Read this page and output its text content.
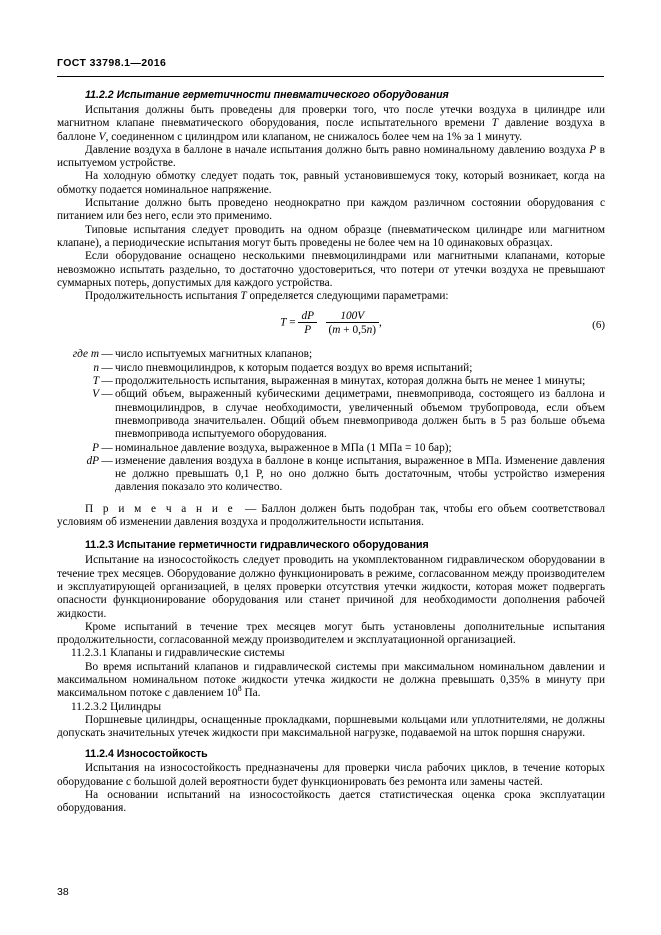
ГОСТ 33798.1—2016
11.2.2 Испытание герметичности пневматического оборудования

Испытания должны быть проведены для проверки того, что после утечки воздуха в цилиндре или магнитном клапане пневматического оборудования, после испытательного времени T давление воздуха в баллоне V, соединенном с цилиндром или клапаном, не снижалось более чем на 1% за 1 минуту.

Давление воздуха в баллоне в начале испытания должно быть равно номинальному давлению воздуха P в испытуемом устройстве.

На холодную обмотку следует подать ток, равный установившемуся току, который возникает, когда на обмотку подается номинальное напряжение.

Испытание должно быть проведено неоднократно при каждом различном состоянии оборудования с питанием или без него, если это применимо.

Типовые испытания следует проводить на одном образце (пневматическом цилиндре или магнитном клапане), а периодические испытания могут быть проведены не более чем на 10 одинаковых образцах.

Если оборудование оснащено несколькими пневмоцилиндрами или магнитными клапанами, которые невозможно испытать раздельно, то достаточно удостовериться, что потери от утечки воздуха не превышают суммарных потерь, допустимых для каждого устройства.

Продолжительность испытания T определяется следующими параметрами:

$T = \frac{dP}{P}$
$\frac{100V}{(m + 0,5n)}$ ,	(6)
где m — число испытуемых магнитных клапанов;
n — число пневмоцилиндров, к которым подается воздух во время испытаний;
T — продолжительность испытания, выраженная в минутах, которая должна быть не менее 1 минуты;
V — общий объем, выраженный кубическими дециметрами, пневмопривода, состоящего из баллона и пневмоцилиндров, в случае необходимости, увеличенный объемом трубопровода, если объем пневмопривода значительален. Общий объем пневмопривода должен быть в 5 раз больше объема пневмопривода испытуемого оборудования.
P — номинальное давление воздуха, выраженное в МПа (1 МПа = 10 бар);
dP — изменение давления воздуха в баллоне в конце испытания, выраженное в МПа. Изменение давления не должно превышать 0,1 P, но оно должно быть достаточным, чтобы устройство измерения давления показало это количество.

П р и м е ч а н и е  — Баллон должен быть подобран так, чтобы его объем соответствовал условиям об изменении давления воздуха и продолжительности испытания.

11.2.3 Испытание герметичности гидравлического оборудования

Испытание на износостойкость следует проводить на укомплектованном гидравлическом оборудовании в течение трех месяцев. Оборудование должно функционировать в режиме, согласованном между производителем и эксплуатирующей организацией, в целях проверки отсутствия утечки жидкости, которая может подвергать опасности функционирование оборудования или станет причиной для необходимости дополнения рабочей жидкости.

Кроме испытаний в течение трех месяцев могут быть установлены дополнительные испытания продолжительности, согласованной между производителем и эксплуатационной организацией.

11.2.3.1 Клапаны и гидравлические системы

Во время испытаний клапанов и гидравлической системы при максимальном номинальном давлении и максимальном номинальном потоке жидкости утечка жидкости не должна превышать 0,35% в минуту при максимальном потоке с давлением $10^8$ Па.

11.2.3.2 Цилиндры

Поршневые цилиндры, оснащенные прокладками, поршневыми кольцами или уплотнителями, не должны допускать значительных утечек жидкости при максимальной нагрузке, подаваемой на шток поршня снаружи.

11.2.4 Износостойкость

Испытания на износостойкость предназначены для проверки числа рабочих циклов, в течение которых оборудование с большой долей вероятности будет функционировать без ремонта или замены частей.

На основании испытаний на износостойкость дается статистическая оценка срока эксплуатации оборудования.

38
